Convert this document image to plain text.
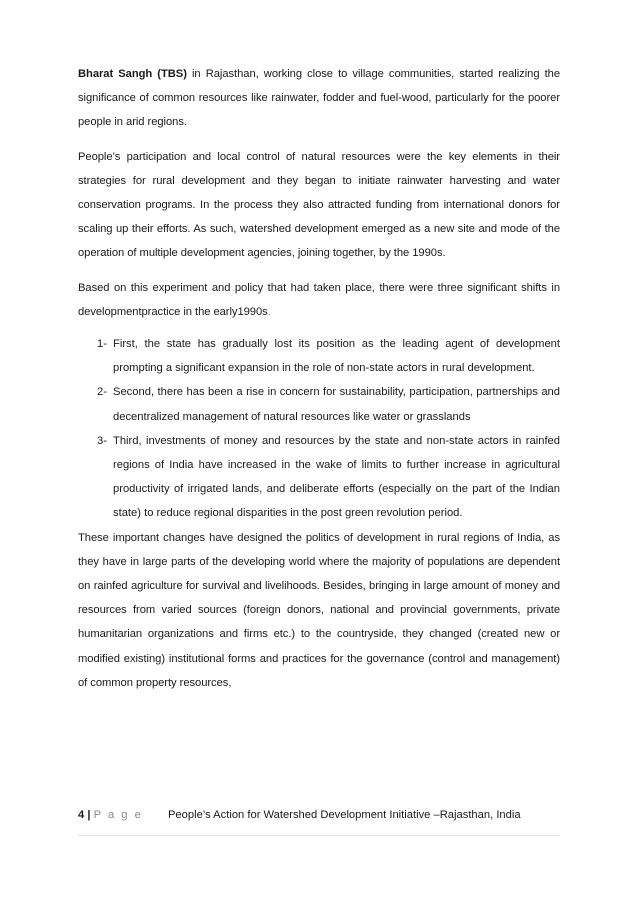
Bharat Sangh (TBS) in Rajasthan, working close to village communities, started realizing the significance of common resources like rainwater, fodder and fuel-wood, particularly for the poorer people in arid regions.

People’s participation and local control of natural resources were the key elements in their strategies for rural development and they began to initiate rainwater harvesting and water conservation programs. In the process they also attracted funding from international donors for scaling up their efforts. As such, watershed development emerged as a new site and mode of the operation of multiple development agencies, joining together, by the 1990s.

Based on this experiment and policy that had taken place, there were three significant shifts in developmentpractice in the early1990s.

1- First, the state has gradually lost its position as the leading agent of development prompting a significant expansion in the role of non-state actors in rural development.
2- Second, there has been a rise in concern for sustainability, participation, partnerships and decentralized management of natural resources like water or grasslands
3- Third, investments of money and resources by the state and non-state actors in rainfed regions of India have increased in the wake of limits to further increase in agricultural productivity of irrigated lands, and deliberate efforts (especially on the part of the Indian state) to reduce regional disparities in the post green revolution period.

These important changes have designed the politics of development in rural regions of India, as they have in large parts of the developing world where the majority of populations are dependent on rainfed agriculture for survival and livelihoods. Besides, bringing in large amount of money and resources from varied sources (foreign donors, national and provincial governments, private humanitarian organizations and firms etc.) to the countryside, they changed (created new or modified existing) institutional forms and practices for the governance (control and management) of common property resources,

4 | P a g e People’s Action for Watershed Development Initiative –Rajasthan, India
